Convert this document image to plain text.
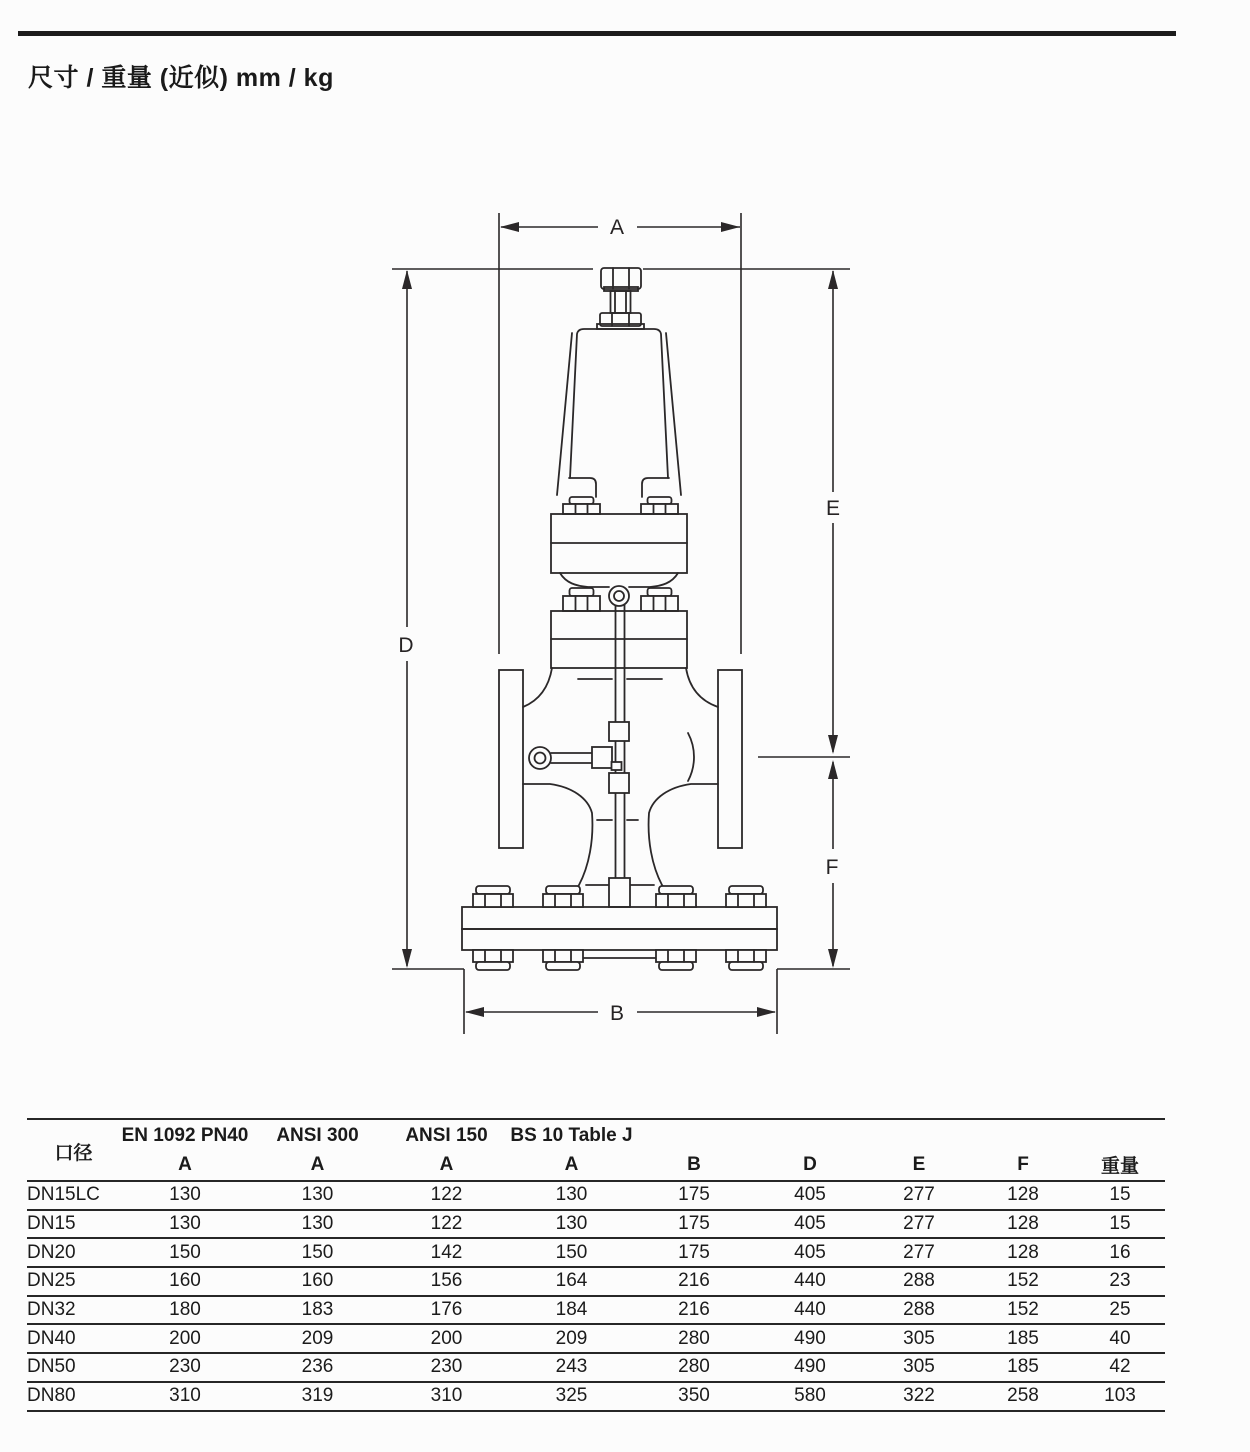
尺寸 / 重量 (近似) mm / kg
A
D
E
F
B
口径	EN 1092 PN40	ANSI 300	ANSI 150	BS 10 Table J					
	A	A	A	A	B	D	E	F	重量
DN15LC	130	130	122	130	175	405	277	128	15
DN15	130	130	122	130	175	405	277	128	15
DN20	150	150	142	150	175	405	277	128	16
DN25	160	160	156	164	216	440	288	152	23
DN32	180	183	176	184	216	440	288	152	25
DN40	200	209	200	209	280	490	305	185	40
DN50	230	236	230	243	280	490	305	185	42
DN80	310	319	310	325	350	580	322	258	103
